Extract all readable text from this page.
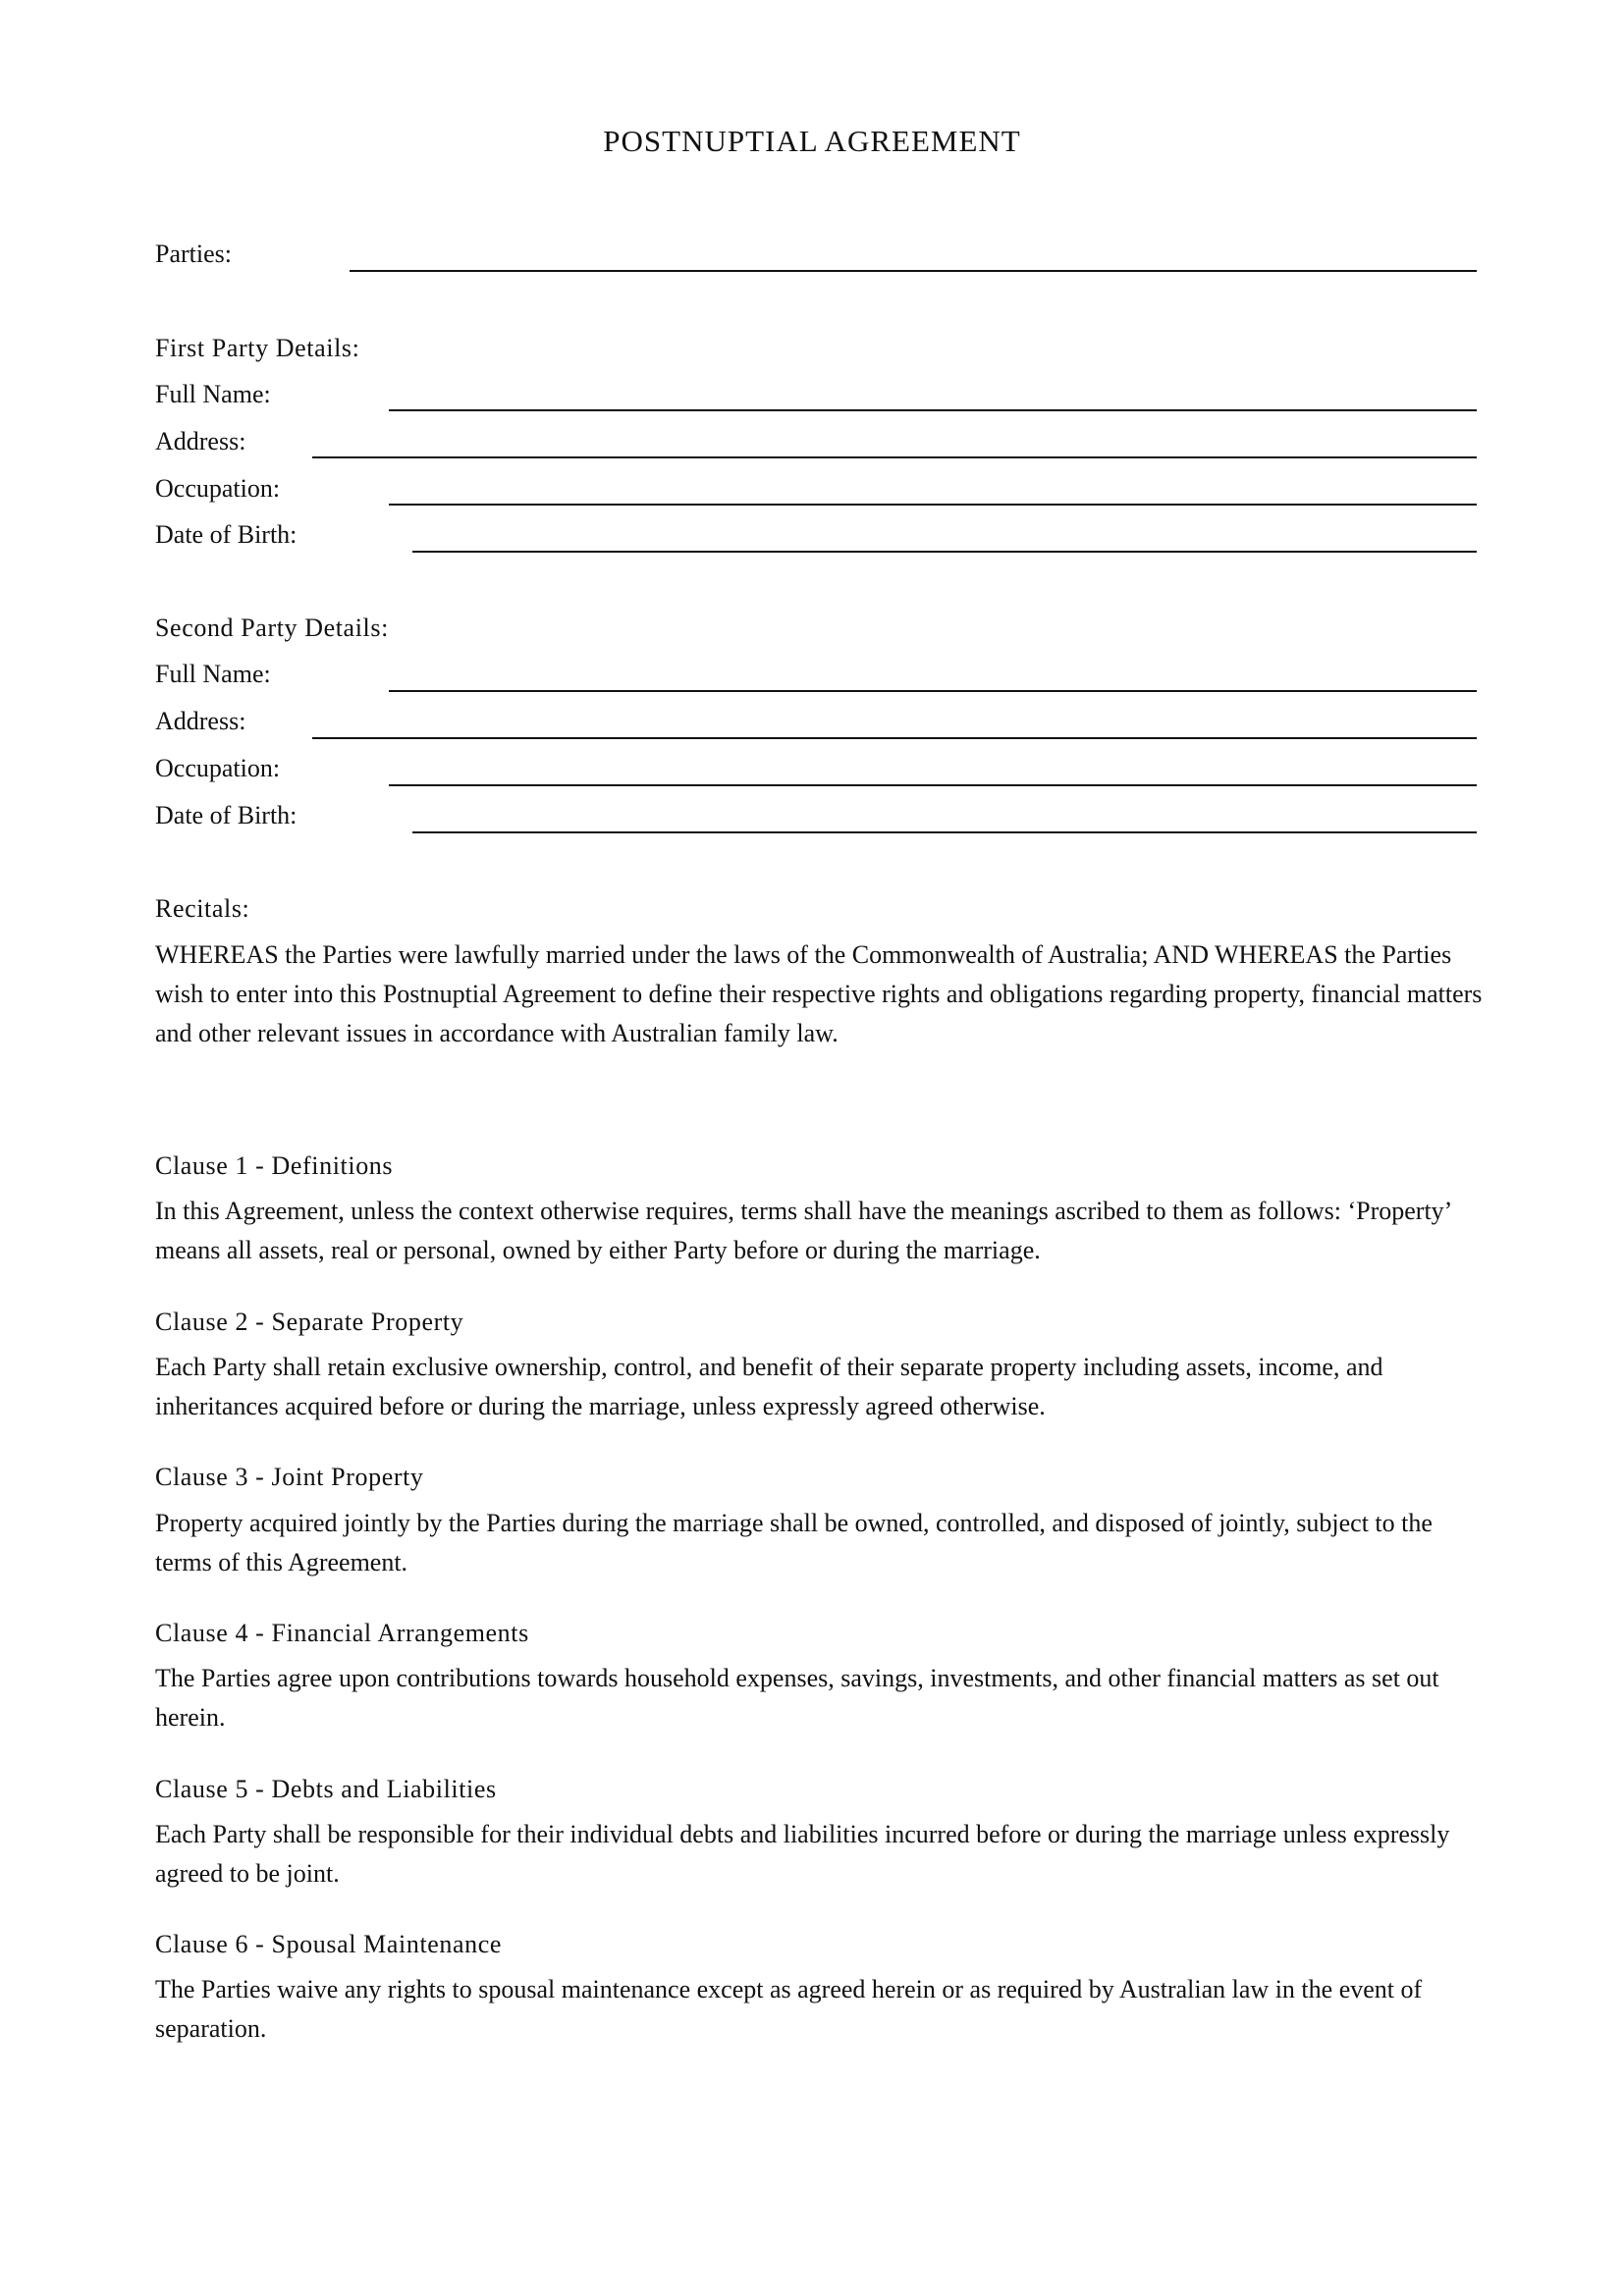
POSTNUPTIAL AGREEMENT
Parties:
First Party Details:
Full Name:
Address:
Occupation:
Date of Birth:
Second Party Details:
Full Name:
Address:
Occupation:
Date of Birth:
Recitals:
WHEREAS the Parties were lawfully married under the laws of the Commonwealth of Australia; AND WHEREAS the Parties wish to enter into this Postnuptial Agreement to define their respective rights and obligations regarding property, financial matters and other relevant issues in accordance with Australian family law.
Clause 1 - Definitions
In this Agreement, unless the context otherwise requires, terms shall have the meanings ascribed to them as follows: ‘Property’ means all assets, real or personal, owned by either Party before or during the marriage.
Clause 2 - Separate Property
Each Party shall retain exclusive ownership, control, and benefit of their separate property including assets, income, and inheritances acquired before or during the marriage, unless expressly agreed otherwise.
Clause 3 - Joint Property
Property acquired jointly by the Parties during the marriage shall be owned, controlled, and disposed of jointly, subject to the terms of this Agreement.
Clause 4 - Financial Arrangements
The Parties agree upon contributions towards household expenses, savings, investments, and other financial matters as set out herein.
Clause 5 - Debts and Liabilities
Each Party shall be responsible for their individual debts and liabilities incurred before or during the marriage unless expressly agreed to be joint.
Clause 6 - Spousal Maintenance
The Parties waive any rights to spousal maintenance except as agreed herein or as required by Australian law in the event of separation.
